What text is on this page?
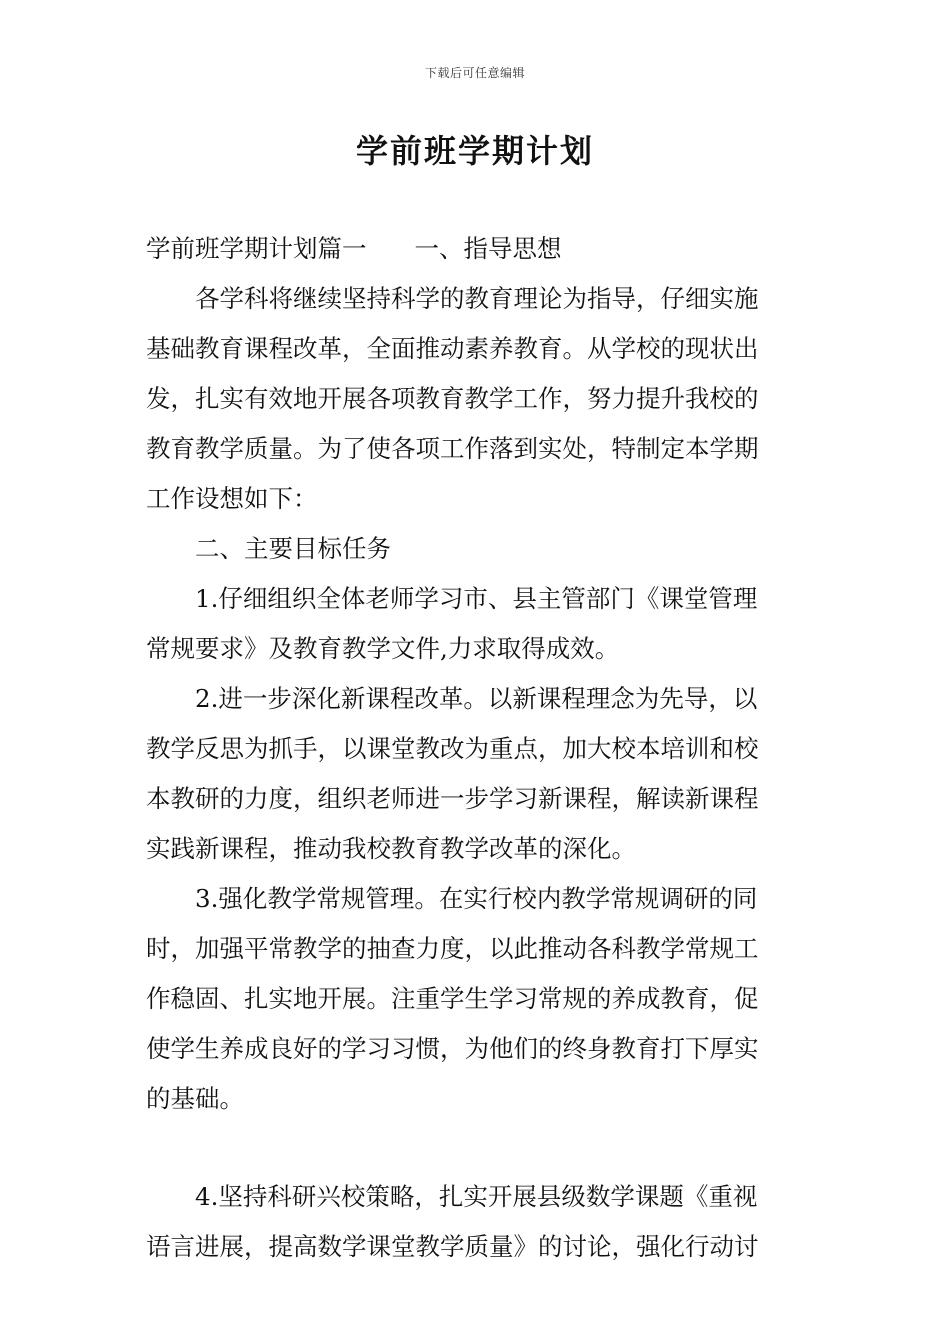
下载后可任意编辑
学前班学期计划

学前班学期计划篇一 一、指导思想

各学科将继续坚持科学的教育理论为指导，仔细实施

基础教育课程改革，全面推动素养教育。从学校的现状出

发，扎实有效地开展各项教育教学工作，努力提升我校的

教育教学质量。为了使各项工作落到实处，特制定本学期

工作设想如下：

二、主要目标任务

1.仔细组织全体老师学习市、县主管部门《课堂管理

常规要求》及教育教学文件,力求取得成效。

2.进一步深化新课程改革。以新课程理念为先导，以

教学反思为抓手，以课堂教改为重点，加大校本培训和校

本教研的力度，组织老师进一步学习新课程，解读新课程

实践新课程，推动我校教育教学改革的深化。

3.强化教学常规管理。在实行校内教学常规调研的同

时，加强平常教学的抽查力度，以此推动各科教学常规工

作稳固、扎实地开展。注重学生学习常规的养成教育，促

使学生养成良好的学习习惯，为他们的终身教育打下厚实

的基础。

4.坚持科研兴校策略，扎实开展县级数学课题《重视

语言进展，提高数学课堂教学质量》的讨论，强化行动讨
